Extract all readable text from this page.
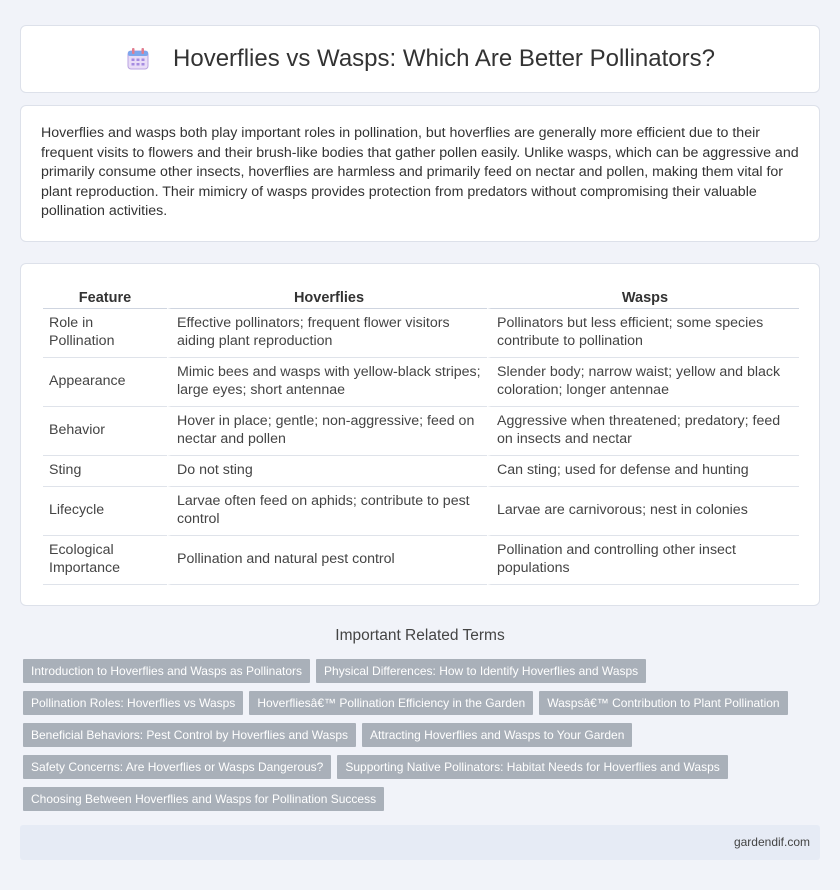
Hoverflies vs Wasps: Which Are Better Pollinators?

Hoverflies and wasps both play important roles in pollination, but hoverflies are generally more efficient due to their frequent visits to flowers and their brush-like bodies that gather pollen easily. Unlike wasps, which can be aggressive and primarily consume other insects, hoverflies are harmless and primarily feed on nectar and pollen, making them vital for plant reproduction. Their mimicry of wasps provides protection from predators without compromising their valuable pollination activities.

Feature	Hoverflies	Wasps
Role in Pollination	Effective pollinators; frequent flower visitors aiding plant reproduction	Pollinators but less efficient; some species contribute to pollination
Appearance	Mimic bees and wasps with yellow-black stripes; large eyes; short antennae	Slender body; narrow waist; yellow and black coloration; longer antennae
Behavior	Hover in place; gentle; non-aggressive; feed on nectar and pollen	Aggressive when threatened; predatory; feed on insects and nectar
Sting	Do not sting	Can sting; used for defense and hunting
Lifecycle	Larvae often feed on aphids; contribute to pest control	Larvae are carnivorous; nest in colonies
Ecological Importance	Pollination and natural pest control	Pollination and controlling other insect populations
Important Related Terms
Introduction to Hoverflies and Wasps as Pollinators Physical Differences: How to Identify Hoverflies and Wasps
Pollination Roles: Hoverflies vs Wasps Hoverfliesâ€™ Pollination Efficiency in the Garden Waspsâ€™ Contribution to Plant Pollination
Beneficial Behaviors: Pest Control by Hoverflies and Wasps Attracting Hoverflies and Wasps to Your Garden
Safety Concerns: Are Hoverflies or Wasps Dangerous? Supporting Native Pollinators: Habitat Needs for Hoverflies and Wasps
Choosing Between Hoverflies and Wasps for Pollination Success
gardendif.com
